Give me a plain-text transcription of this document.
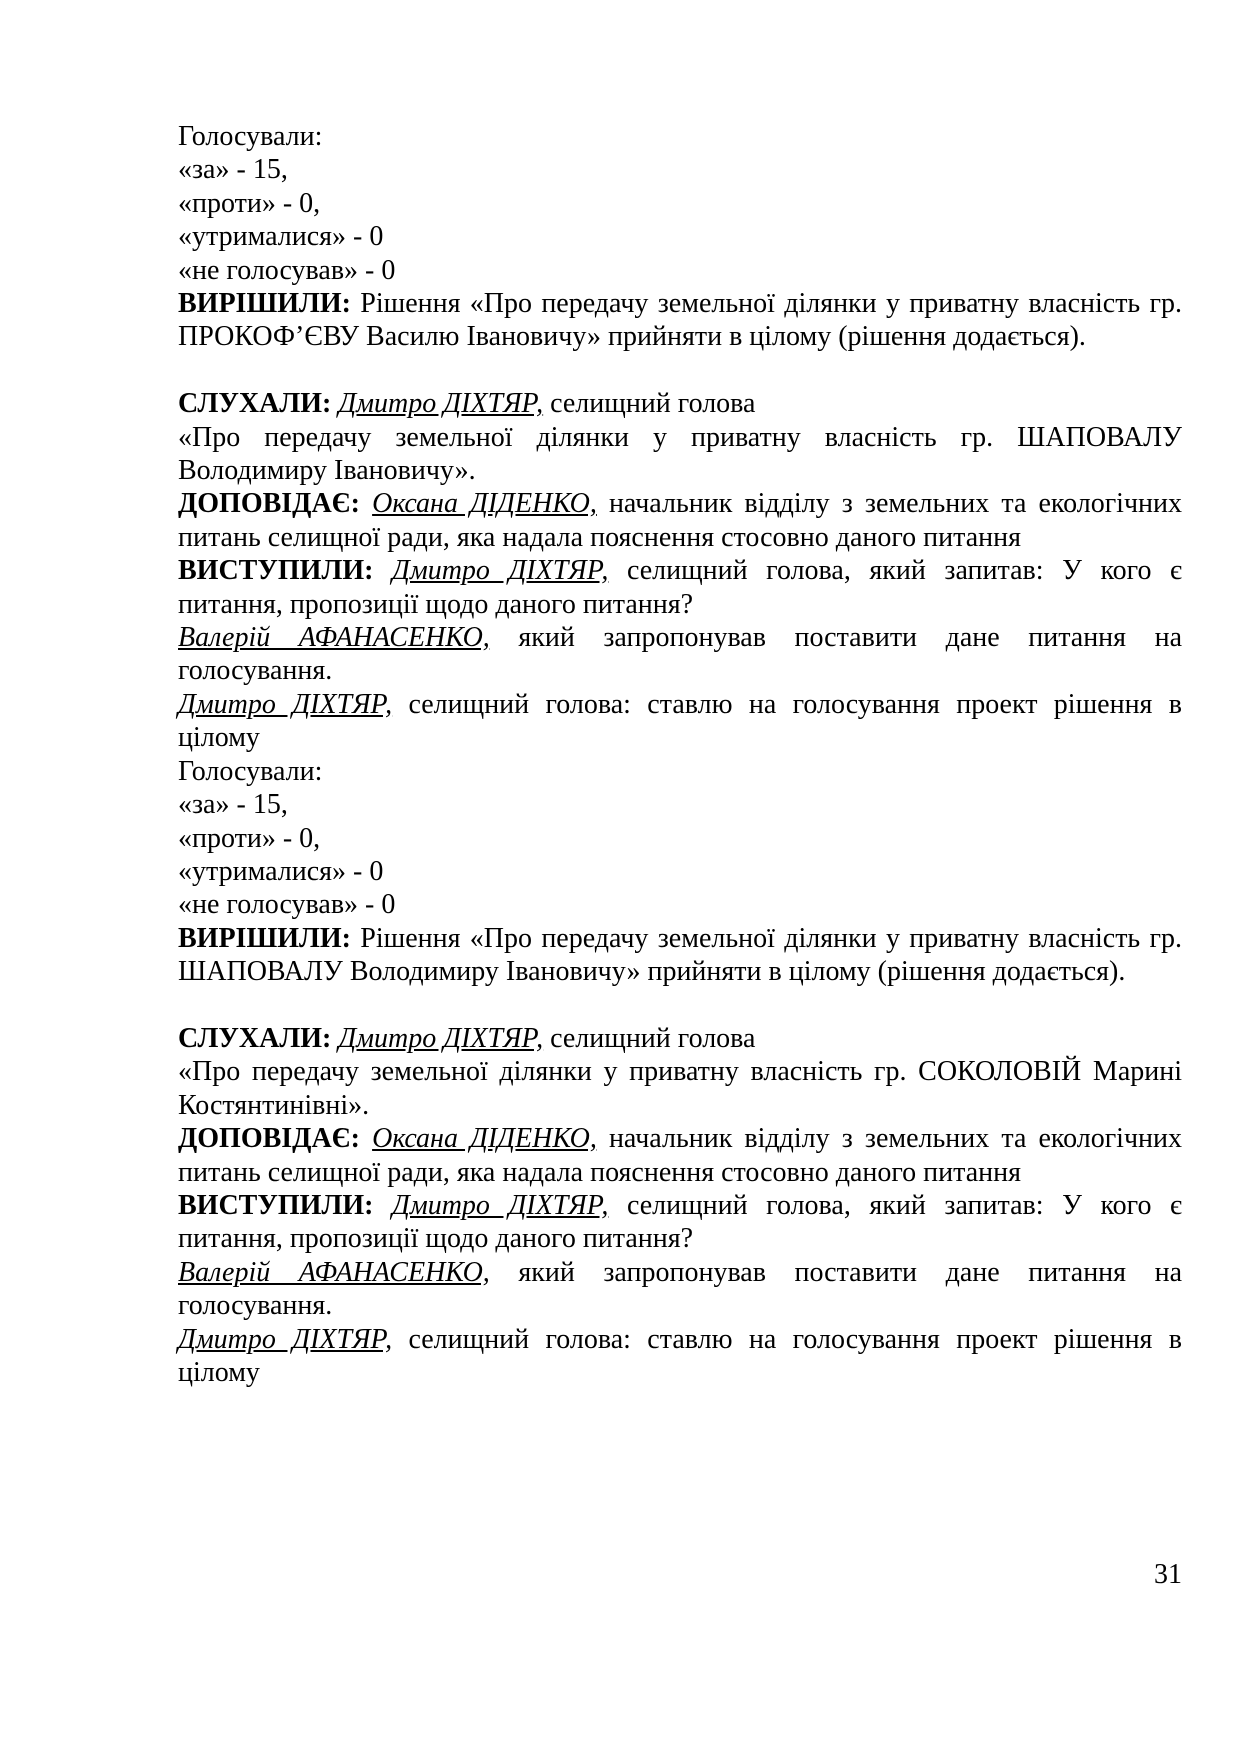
Голосували:
«за» - 15,
«проти» - 0,
«утрималися» - 0
«не голосував» - 0
ВИРІШИЛИ: Рішення «Про передачу земельної ділянки у приватну власність гр. ПРОКОФ’ЄВУ Василю Івановичу» прийняти в цілому (рішення додається).
СЛУХАЛИ: Дмитро ДІХТЯР, селищний голова
«Про передачу земельної ділянки у приватну власність гр. ШАПОВАЛУ Володимиру Івановичу».
ДОПОВІДАЄ: Оксана ДІДЕНКО, начальник відділу з земельних та екологічних питань селищної ради, яка надала пояснення стосовно даного питання
ВИСТУПИЛИ: Дмитро ДІХТЯР, селищний голова, який запитав: У кого є питання, пропозиції щодо даного питання?
Валерій АФАНАСЕНКО, який запропонував поставити дане питання на голосування.
Дмитро ДІХТЯР, селищний голова: ставлю на голосування проект рішення в цілому
Голосували:
«за» - 15,
«проти» - 0,
«утрималися» - 0
«не голосував» - 0
ВИРІШИЛИ: Рішення «Про передачу земельної ділянки у приватну власність гр. ШАПОВАЛУ Володимиру Івановичу» прийняти в цілому (рішення додається).
СЛУХАЛИ: Дмитро ДІХТЯР, селищний голова
«Про передачу земельної ділянки у приватну власність гр. СОКОЛОВІЙ Марині Костянтинівні».
ДОПОВІДАЄ: Оксана ДІДЕНКО, начальник відділу з земельних та екологічних питань селищної ради, яка надала пояснення стосовно даного питання
ВИСТУПИЛИ: Дмитро ДІХТЯР, селищний голова, який запитав: У кого є питання, пропозиції щодо даного питання?
Валерій АФАНАСЕНКО, який запропонував поставити дане питання на голосування.
Дмитро ДІХТЯР, селищний голова: ставлю на голосування проект рішення в цілому
31
